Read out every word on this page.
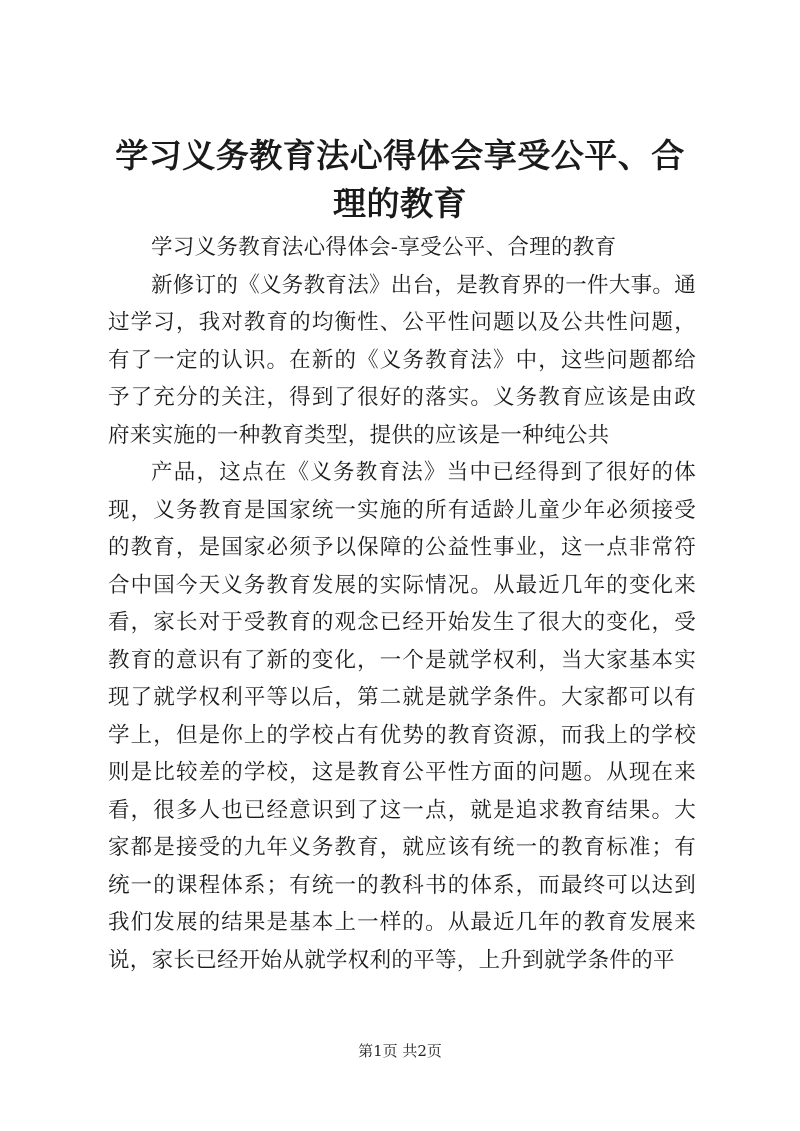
学习义务教育法心得体会享受公平、合理的教育

学习义务教育法心得体会-享受公平、合理的教育

新修订的《义务教育法》出台，是教育界的一件大事。通过学习，我对教育的均衡性、公平性问题以及公共性问题，有了一定的认识。在新的《义务教育法》中，这些问题都给予了充分的关注，得到了很好的落实。义务教育应该是由政府来实施的一种教育类型，提供的应该是一种纯公共

产品，这点在《义务教育法》当中已经得到了很好的体现，义务教育是国家统一实施的所有适龄儿童少年必须接受的教育，是国家必须予以保障的公益性事业，这一点非常符合中国今天义务教育发展的实际情况。从最近几年的变化来看，家长对于受教育的观念已经开始发生了很大的变化，受教育的意识有了新的变化，一个是就学权利，当大家基本实现了就学权利平等以后，第二就是就学条件。大家都可以有学上，但是你上的学校占有优势的教育资源，而我上的学校则是比较差的学校，这是教育公平性方面的问题。从现在来看，很多人也已经意识到了这一点，就是追求教育结果。大家都是接受的九年义务教育，就应该有统一的教育标准；有统一的课程体系；有统一的教科书的体系，而最终可以达到我们发展的结果是基本上一样的。从最近几年的教育发展来说，家长已经开始从就学权利的平等，上升到就学条件的平

第1页 共2页
